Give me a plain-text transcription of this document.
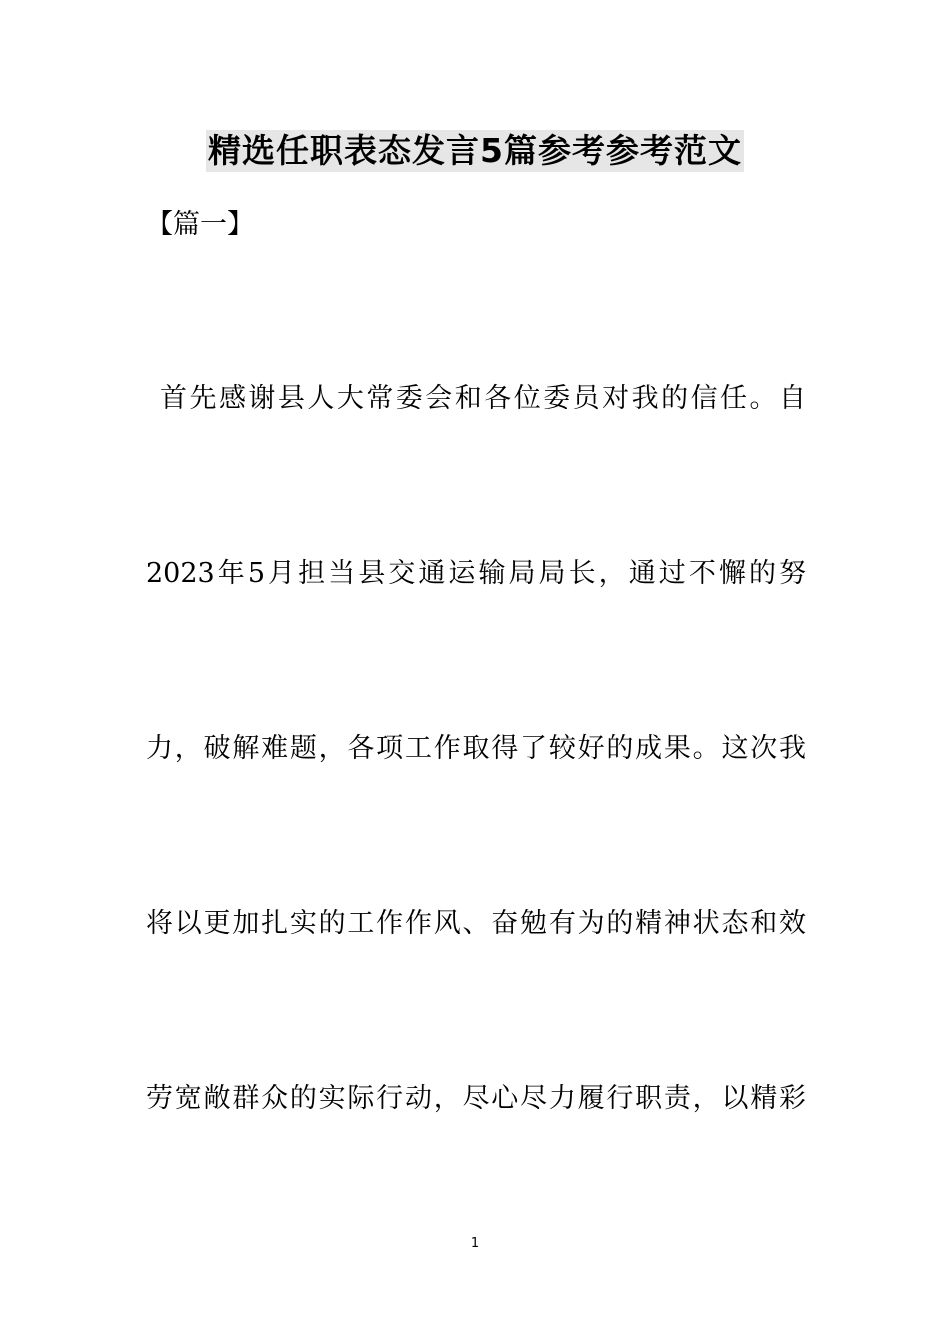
精选任职表态发言5篇参考参考范文
【篇一】
首先感谢县人大常委会和各位委员对我的信任。自
2023年5月担当县交通运输局局长，通过不懈的努
力，破解难题，各项工作取得了较好的成果。这次我
将以更加扎实的工作作风、奋勉有为的精神状态和效
劳宽敞群众的实际行动，尽心尽力履行职责，以精彩
1
